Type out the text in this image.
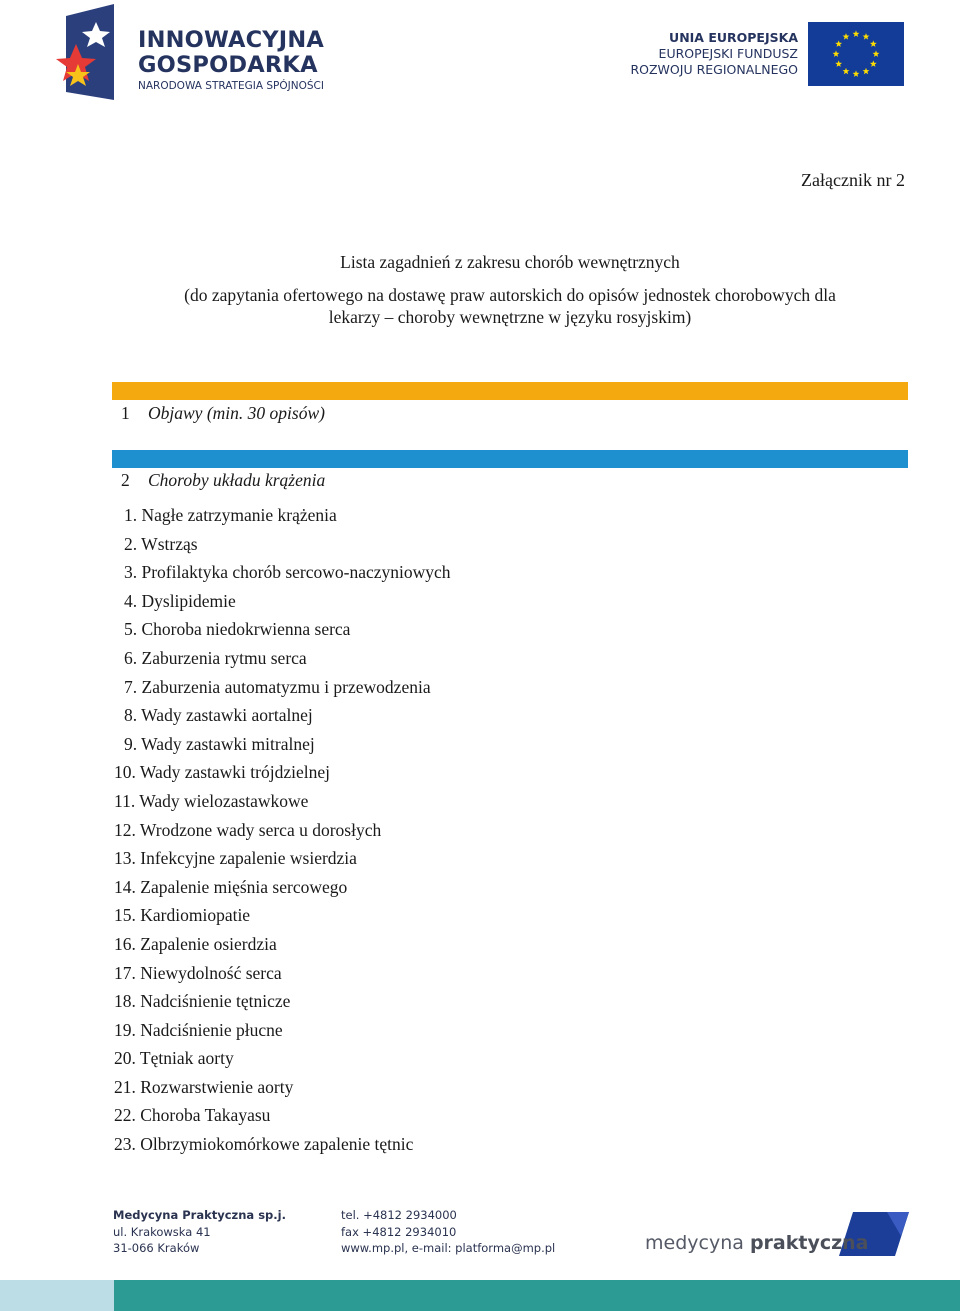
INNOWACYJNA
GOSPODARKA
NARODOWA STRATEGIA SPÓJNOŚCI
UNIA EUROPEJSKA
EUROPEJSKI FUNDUSZ
ROZWOJU REGIONALNEGO
Załącznik nr 2
Lista zagadnień z zakresu chorób wewnętrznych
(do zapytania ofertowego na dostawę praw autorskich do opisów jednostek chorobowych dla
lekarzy – choroby wewnętrzne w języku rosyjskim)
1 Objawy (min. 30 opisów)
2 Choroby układu krążenia
1. Nagłe zatrzymanie krążenia
2. Wstrząs
3. Profilaktyka chorób sercowo-naczyniowych
4. Dyslipidemie
5. Choroba niedokrwienna serca
6. Zaburzenia rytmu serca
7. Zaburzenia automatyzmu i przewodzenia
8. Wady zastawki aortalnej
9. Wady zastawki mitralnej
10. Wady zastawki trójdzielnej
11. Wady wielozastawkowe
12. Wrodzone wady serca u dorosłych
13. Infekcyjne zapalenie wsierdzia
14. Zapalenie mięśnia sercowego
15. Kardiomiopatie
16. Zapalenie osierdzia
17. Niewydolność serca
18. Nadciśnienie tętnicze
19. Nadciśnienie płucne
20. Tętniak aorty
21. Rozwarstwienie aorty
22. Choroba Takayasu
23. Olbrzymiokomórkowe zapalenie tętnic
Medycyna Praktyczna sp.j.
ul. Krakowska 41
31-066 Kraków
tel. +4812 2934000
fax +4812 2934010
www.mp.pl, e-mail: platforma@mp.pl	medycyna praktyczna
